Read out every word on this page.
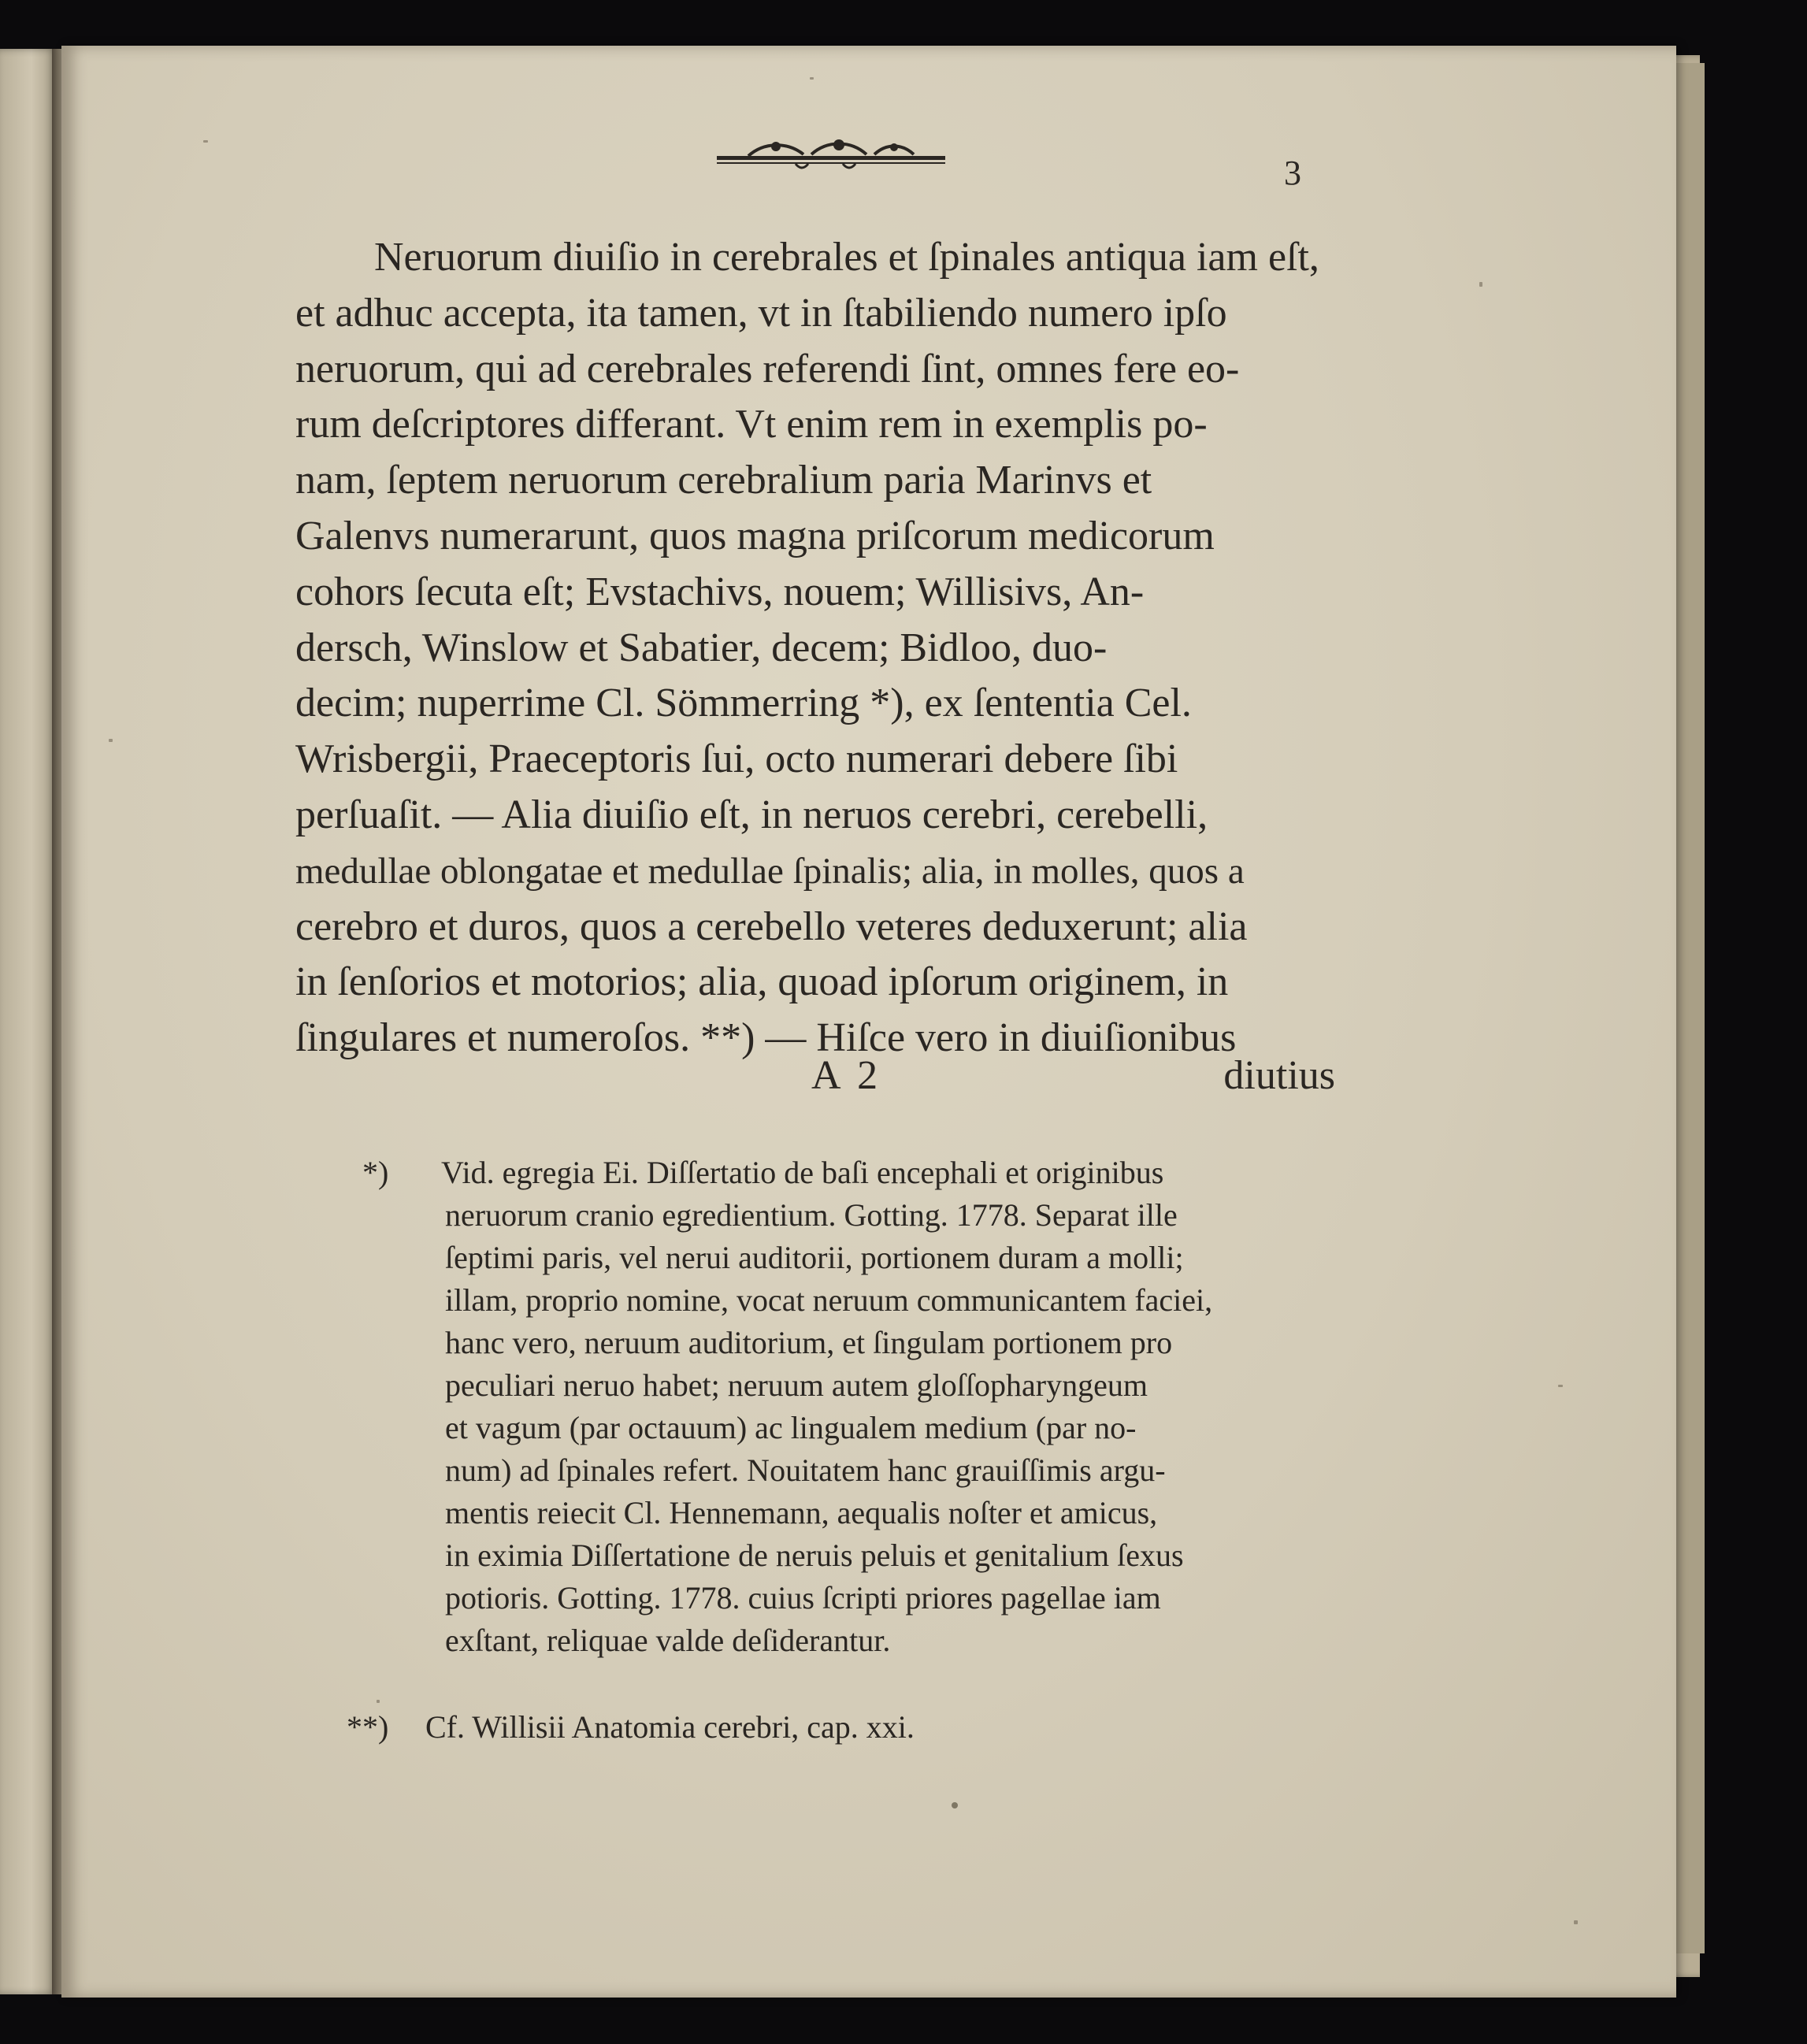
3
Neruorum diuiſio in cerebrales et ſpinales antiqua iam eſt,
et adhuc accepta, ita tamen, vt in ſtabiliendo numero ipſo
neruorum, qui ad cerebrales referendi ſint, omnes fere eo-
rum deſcriptores differant. Vt enim rem in exemplis po-
nam, ſeptem neruorum cerebralium paria Marinvs et
Galenvs numerarunt, quos magna priſcorum medicorum
cohors ſecuta eſt; Evstachivs, nouem; Willisivs, An-
dersch, Winslow et Sabatier, decem; Bidloo, duo-
decim; nuperrime Cl. Sömmerring *), ex ſententia Cel.
Wrisbergii, Praeceptoris ſui, octo numerari debere ſibi
perſuaſit. — Alia diuiſio eſt, in neruos cerebri, cerebelli,
medullae oblongatae et medullae ſpinalis; alia, in molles, quos a
cerebro et duros, quos a cerebello veteres deduxerunt; alia
in ſenſorios et motorios; alia, quoad ipſorum originem, in
ſingulares et numeroſos. **) — Hiſce vero in diuiſionibus
A 2	diutius
*) Vid. egregia Ei. Diſſertatio de baſi encephali et originibus
neruorum cranio egredientium. Gotting. 1778. Separat ille
ſeptimi paris, vel nerui auditorii, portionem duram a molli;
illam, proprio nomine, vocat neruum communicantem faciei,
hanc vero, neruum auditorium, et ſingulam portionem pro
peculiari neruo habet; neruum autem gloſſopharyngeum
et vagum (par octauum) ac lingualem medium (par no-
num) ad ſpinales refert. Nouitatem hanc grauiſſimis argu-
mentis reiecit Cl. Hennemann, aequalis noſter et amicus,
in eximia Diſſertatione de neruis peluis et genitalium ſexus
potioris. Gotting. 1778. cuius ſcripti priores pagellae iam
exſtant, reliquae valde deſiderantur.
**) Cf. Willisii Anatomia cerebri, cap. xxi.
